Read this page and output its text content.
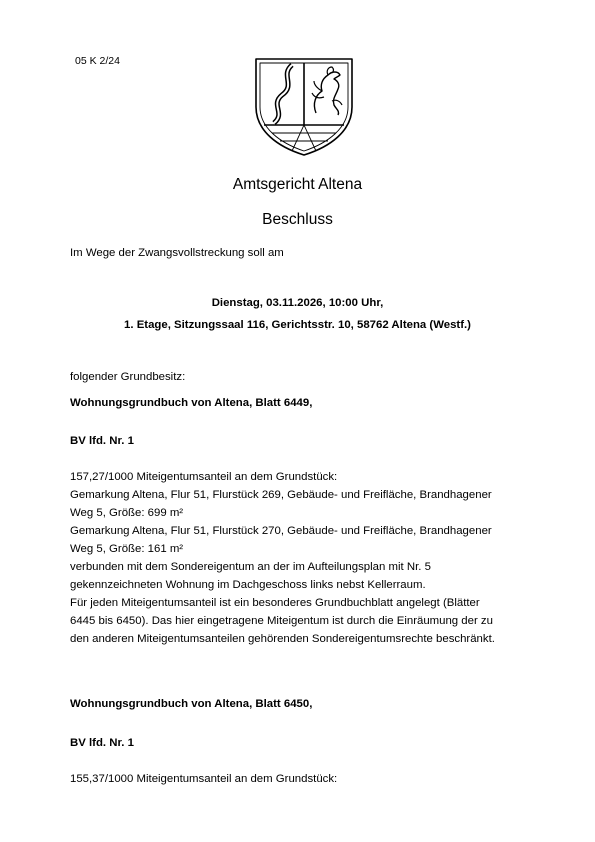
05 K 2/24
Amtsgericht Altena
Beschluss
Im Wege der Zwangsvollstreckung soll am
Dienstag, 03.11.2026, 10:00 Uhr,
1. Etage, Sitzungssaal 116, Gerichtsstr. 10, 58762 Altena (Westf.)
folgender Grundbesitz:
Wohnungsgrundbuch von Altena, Blatt 6449,
BV lfd. Nr. 1
157,27/1000 Miteigentumsanteil an dem Grundstück:
Gemarkung Altena, Flur 51, Flurstück 269, Gebäude- und Freifläche, Brandhagener
Weg 5, Größe: 699 m²
Gemarkung Altena, Flur 51, Flurstück 270, Gebäude- und Freifläche, Brandhagener
Weg 5, Größe: 161 m²
verbunden mit dem Sondereigentum an der im Aufteilungsplan mit Nr. 5
gekennzeichneten Wohnung im Dachgeschoss links nebst Kellerraum.
Für jeden Miteigentumsanteil ist ein besonderes Grundbuchblatt angelegt (Blätter
6445 bis 6450). Das hier eingetragene Miteigentum ist durch die Einräumung der zu
den anderen Miteigentumsanteilen gehörenden Sondereigentumsrechte beschränkt.
Wohnungsgrundbuch von Altena, Blatt 6450,
BV lfd. Nr. 1
155,37/1000 Miteigentumsanteil an dem Grundstück:
